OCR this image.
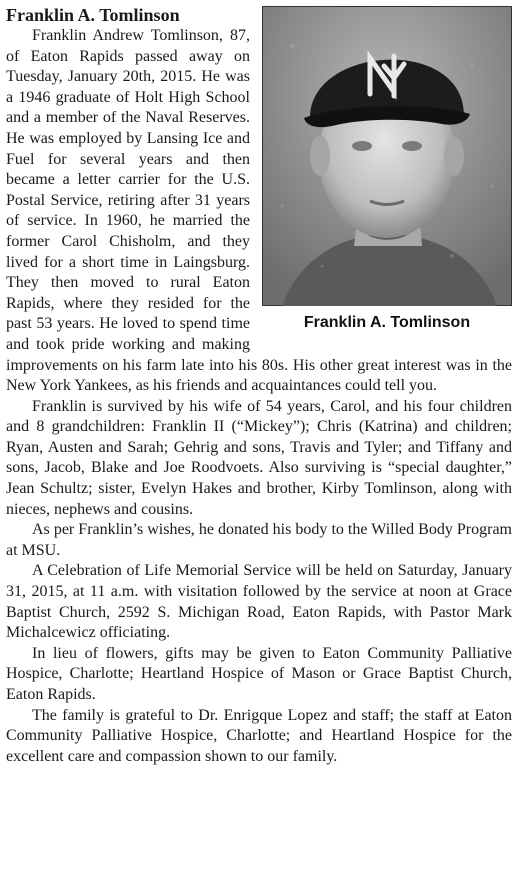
Franklin A. Tomlinson
Franklin A. Tomlinson

Franklin Andrew Tomlinson, 87, of Eaton Rapids passed away on Tuesday, January 20th, 2015. He was a 1946 graduate of Holt High School and a member of the Naval Reserves. He was employed by Lansing Ice and Fuel for several years and then became a letter carrier for the U.S. Postal Service, retiring after 31 years of service. In 1960, he married the former Carol Chisholm, and they lived for a short time in Laingsburg. They then moved to rural Eaton Rapids, where they resided for the past 53 years. He loved to spend time and took pride working and making improvements on his farm late into his 80s. His other great interest was in the New York Yankees, as his friends and acquaintances could tell you.

Franklin is survived by his wife of 54 years, Carol, and his four children and 8 grandchildren: Franklin II (“Mickey”); Chris (Katrina) and children; Ryan, Austen and Sarah; Gehrig and sons, Travis and Tyler; and Tiffany and sons, Jacob, Blake and Joe Roodvoets. Also surviving is “special daughter,” Jean Schultz; sister, Evelyn Hakes and brother, Kirby Tomlinson, along with nieces, nephews and cousins.

As per Franklin’s wishes, he donated his body to the Willed Body Program at MSU.

A Celebration of Life Memorial Service will be held on Saturday, January 31, 2015, at 11 a.m. with visitation followed by the service at noon at Grace Baptist Church, 2592 S. Michigan Road, Eaton Rapids, with Pastor Mark Michalcewicz officiating.

In lieu of flowers, gifts may be given to Eaton Community Palliative Hospice, Charlotte; Heartland Hospice of Mason or Grace Baptist Church, Eaton Rapids.

The family is grateful to Dr. Enrigque Lopez and staff; the staff at Eaton Community Palliative Hospice, Charlotte; and Heartland Hospice for the excellent care and compassion shown to our family.
